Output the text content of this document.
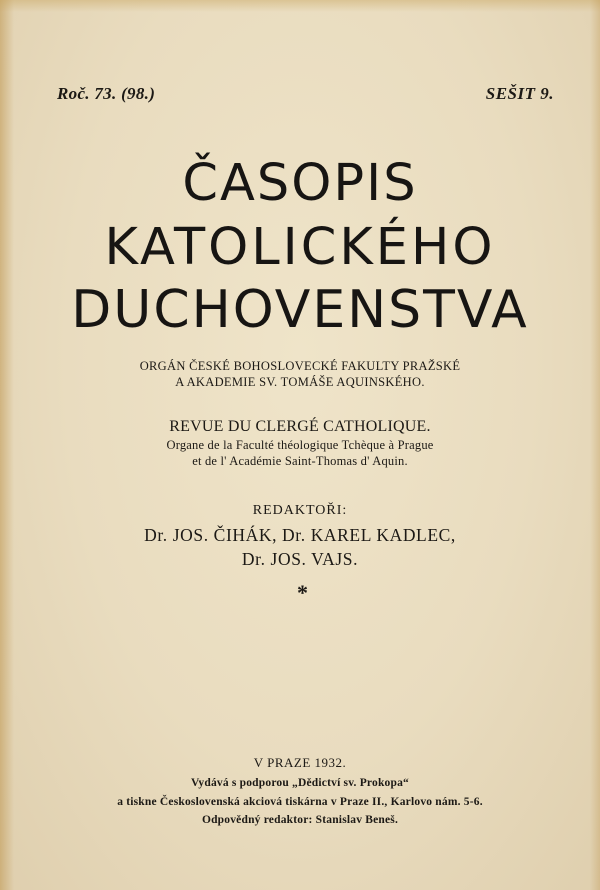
Roč. 73. (98.)	SEŠIT 9.
ČASOPIS
KATOLICKÉHO
DUCHOVENSTVA
ORGÁN ČESKÉ BOHOSLOVECKÉ FAKULTY PRAŽSKÉ
A AKADEMIE SV. TOMÁŠE AQUINSKÉHO.
REVUE DU CLERGÉ CATHOLIQUE.
Organe de la Faculté théologique Tchèque à Prague
et de l' Académie Saint-Thomas d' Aquin.
REDAKTOŘI:
Dr. JOS. ČIHÁK, Dr. KAREL KADLEC,
Dr. JOS. VAJS.
*
V PRAZE 1932.
Vydává s podporou „Dědictví sv. Prokopa“
a tiskne Československá akciová tiskárna v Praze II., Karlovo nám. 5-6.
Odpovědný redaktor: Stanislav Beneš.
